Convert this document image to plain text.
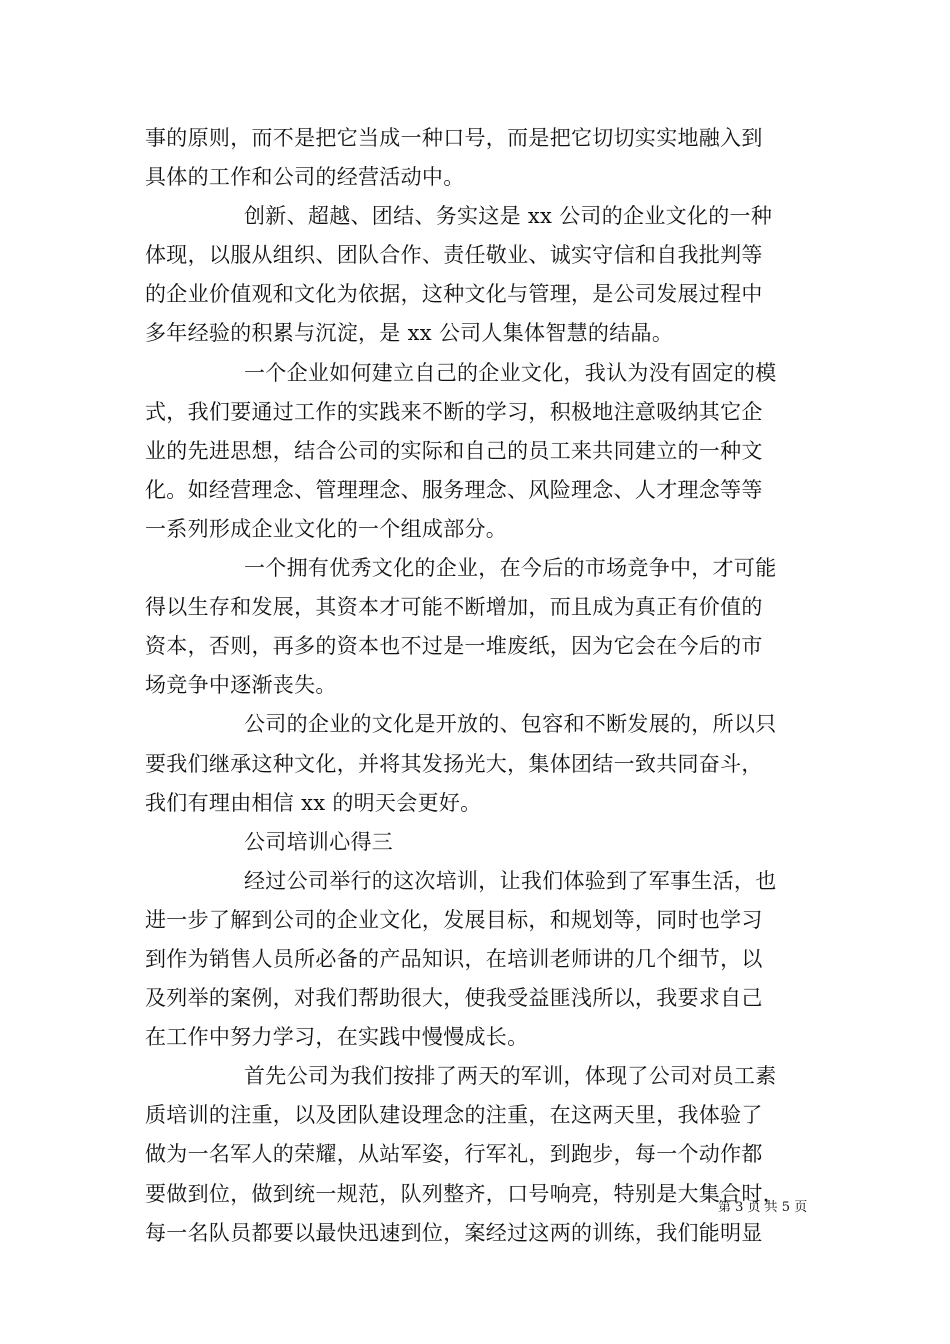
事的原则，而不是把它当成一种口号，而是把它切切实实地融入到
具体的工作和公司的经营活动中。
创新、超越、团结、务实这是 xx 公司的企业文化的一种
体现，以服从组织、团队合作、责任敬业、诚实守信和自我批判等
的企业价值观和文化为依据，这种文化与管理，是公司发展过程中
多年经验的积累与沉淀，是 xx 公司人集体智慧的结晶。
一个企业如何建立自己的企业文化，我认为没有固定的模
式，我们要通过工作的实践来不断的学习，积极地注意吸纳其它企
业的先进思想，结合公司的实际和自己的员工来共同建立的一种文
化。如经营理念、管理理念、服务理念、风险理念、人才理念等等
一系列形成企业文化的一个组成部分。
一个拥有优秀文化的企业，在今后的市场竞争中，才可能
得以生存和发展，其资本才可能不断增加，而且成为真正有价值的
资本，否则，再多的资本也不过是一堆废纸，因为它会在今后的市
场竞争中逐渐丧失。
公司的企业的文化是开放的、包容和不断发展的，所以只
要我们继承这种文化，并将其发扬光大，集体团结一致共同奋斗，
我们有理由相信 xx 的明天会更好。
公司培训心得三
经过公司举行的这次培训，让我们体验到了军事生活，也
进一步了解到公司的企业文化，发展目标，和规划等，同时也学习
到作为销售人员所必备的产品知识，在培训老师讲的几个细节，以
及列举的案例，对我们帮助很大，使我受益匪浅所以，我要求自己
在工作中努力学习，在实践中慢慢成长。
首先公司为我们按排了两天的军训，体现了公司对员工素
质培训的注重，以及团队建设理念的注重，在这两天里，我体验了
做为一名军人的荣耀，从站军姿，行军礼，到跑步，每一个动作都
要做到位，做到统一规范，队列整齐，口号响亮，特别是大集合时，
每一名队员都要以最快迅速到位，案经过这两的训练，我们能明显
第 3 页 共 5 页
